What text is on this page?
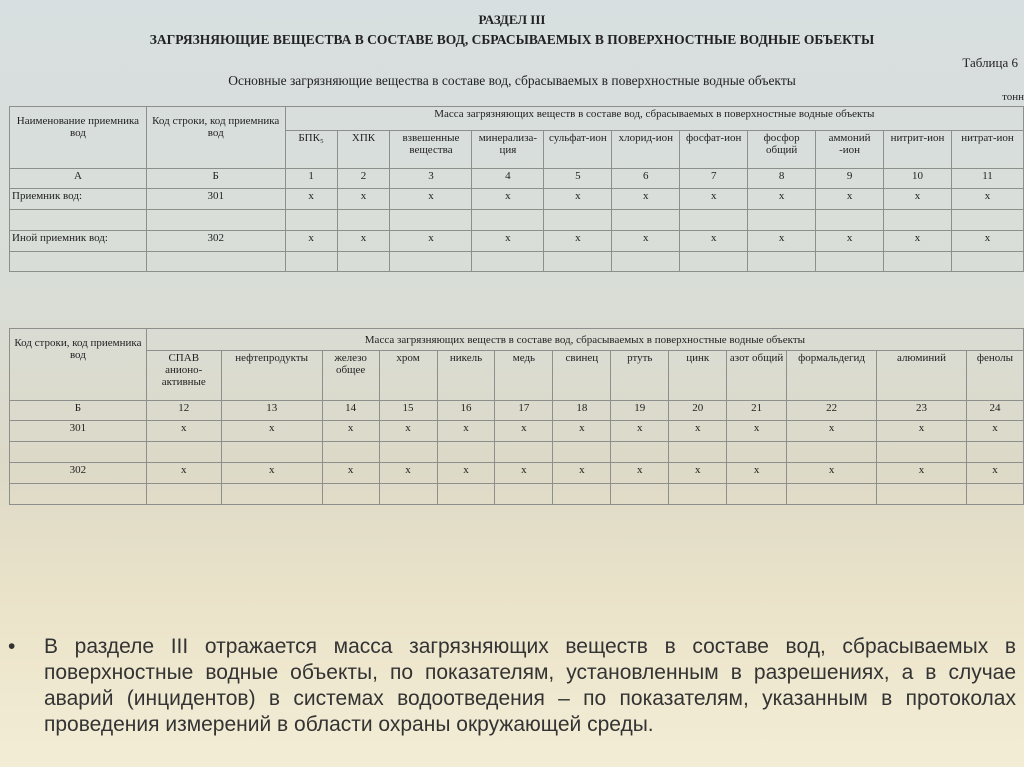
РАЗДЕЛ III
ЗАГРЯЗНЯЮЩИЕ ВЕЩЕСТВА В СОСТАВЕ ВОД, СБРАСЫВАЕМЫХ В ПОВЕРХНОСТНЫЕ ВОДНЫЕ ОБЪЕКТЫ
Таблица 6
Основные загрязняющие вещества в составе вод, сбрасываемых в поверхностные водные объекты
тонн
Наименование приемника вод	Код строки, код приемника вод	Масса загрязняющих веществ в составе вод, сбрасываемых в поверхностные водные объекты										
		БПК₅	ХПК	взвешенные вещества	минерализа-ция	сульфат-ион	хлорид-ион	фосфат-ион	фосфор общий	аммоний -ион	нитрит-ион	нитрат-ион
А	Б	1	2	3	4	5	6	7	8	9	10	11
Приемник вод:	301	x	x	x	x	x	x	x	x	x	x	x

Иной приемник вод:	302	x	x	x	x	x	x	x	x	x	x	x

Код строки, код приемника вод	Масса загрязняющих веществ в составе вод, сбрасываемых в поверхностные водные объекты												
	СПАВ анионо-активные	нефтепродукты	железо общее	хром	никель	медь	свинец	ртуть	цинк	азот общий	формальдегид	алюминий	фенолы
Б	12	13	14	15	16	17	18	19	20	21	22	23	24
301	x	x	x	x	x	x	x	x	x	x	x	x	x

302	x	x	x	x	x	x	x	x	x	x	x	x	x

• В разделе III отражается масса загрязняющих веществ в составе вод, сбрасываемых в поверхностные водные объекты, по показателям, установленным в разрешениях, а в случае аварий (инцидентов) в системах водоотведения – по показателям, указанным в протоколах проведения измерений в области охраны окружающей среды.
